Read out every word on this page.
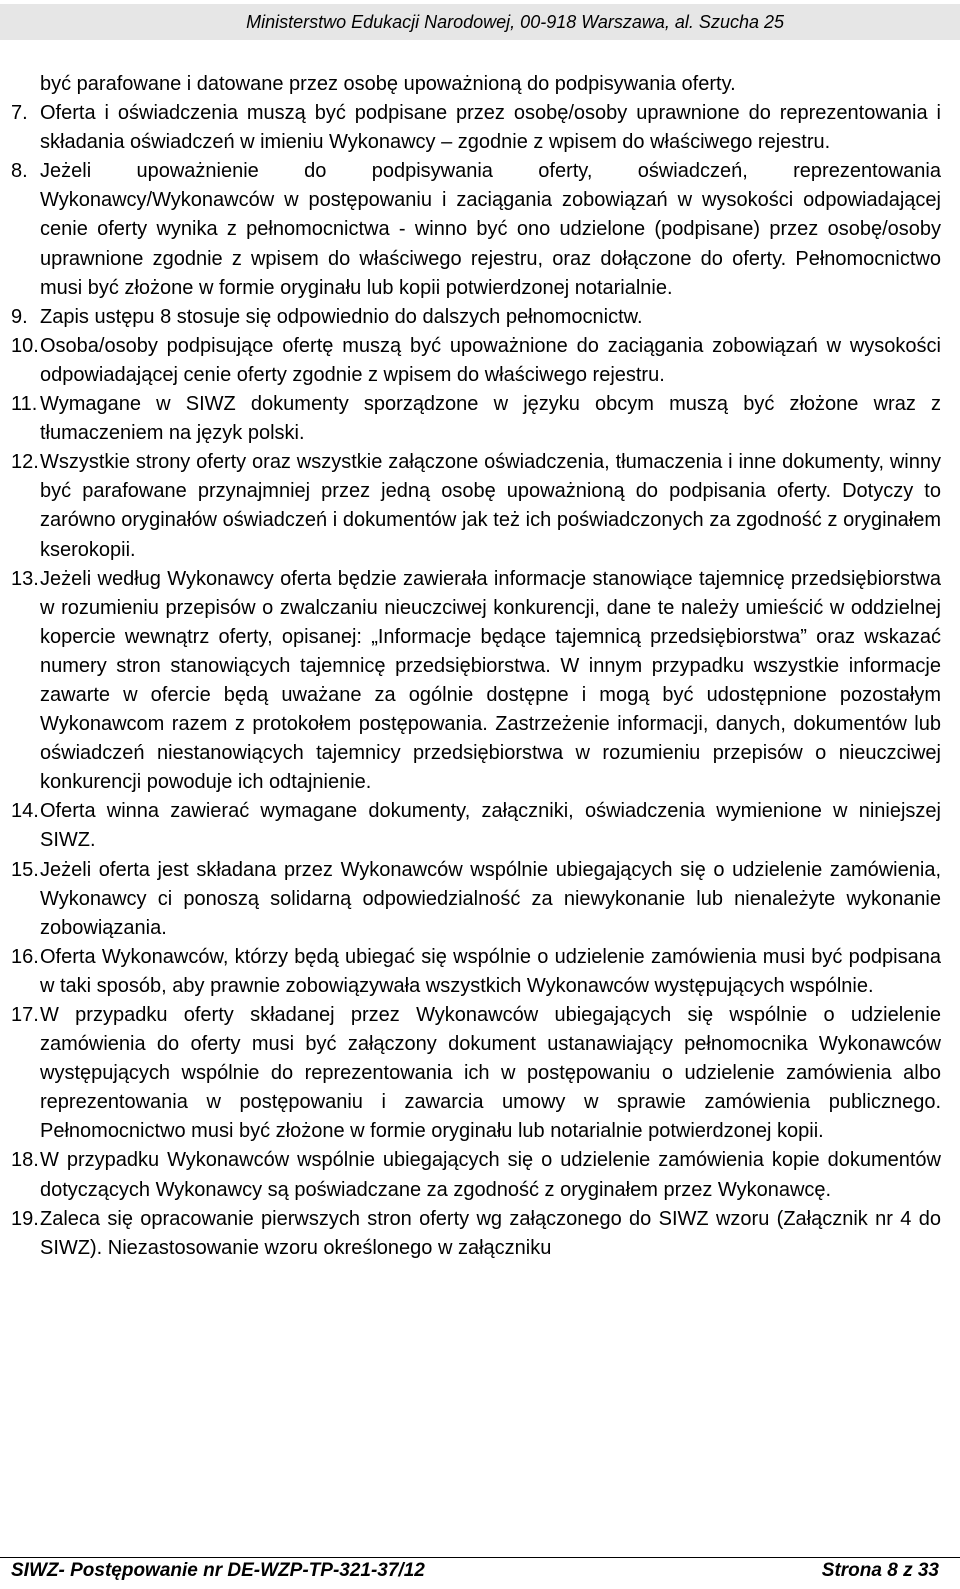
Ministerstwo Edukacji Narodowej, 00-918 Warszawa, al. Szucha 25

być parafowane i datowane przez osobę upoważnioną do podpisywania oferty.

7. Oferta i oświadczenia muszą być podpisane przez osobę/osoby uprawnione do reprezentowania i składania oświadczeń w imieniu Wykonawcy – zgodnie z wpisem do właściwego rejestru.
8. Jeżeli upoważnienie do podpisywania oferty, oświadczeń, reprezentowania Wykonawcy/Wykonawców w postępowaniu i zaciągania zobowiązań w wysokości odpowiadającej cenie oferty wynika z pełnomocnictwa - winno być ono udzielone (podpisane) przez osobę/osoby uprawnione zgodnie z wpisem do właściwego rejestru, oraz dołączone do oferty. Pełnomocnictwo musi być złożone w formie oryginału lub kopii potwierdzonej notarialnie.
9. Zapis ustępu 8 stosuje się odpowiednio do dalszych pełnomocnictw.
10. Osoba/osoby podpisujące ofertę muszą być upoważnione do zaciągania zobowiązań w wysokości odpowiadającej cenie oferty zgodnie z wpisem do właściwego rejestru.
11. Wymagane w SIWZ dokumenty sporządzone w języku obcym muszą być złożone wraz z tłumaczeniem na język polski.
12. Wszystkie strony oferty oraz wszystkie załączone oświadczenia, tłumaczenia i inne dokumenty, winny być parafowane przynajmniej przez jedną osobę upoważnioną do podpisania oferty. Dotyczy to zarówno oryginałów oświadczeń i dokumentów jak też ich poświadczonych za zgodność z oryginałem kserokopii.
13. Jeżeli według Wykonawcy oferta będzie zawierała informacje stanowiące tajemnicę przedsiębiorstwa w rozumieniu przepisów o zwalczaniu nieuczciwej konkurencji, dane te należy umieścić w oddzielnej kopercie wewnątrz oferty, opisanej: „Informacje będące tajemnicą przedsiębiorstwa” oraz wskazać numery stron stanowiących tajemnicę przedsiębiorstwa. W innym przypadku wszystkie informacje zawarte w ofercie będą uważane za ogólnie dostępne i mogą być udostępnione pozostałym Wykonawcom razem z protokołem postępowania. Zastrzeżenie informacji, danych, dokumentów lub oświadczeń niestanowiących tajemnicy przedsiębiorstwa w rozumieniu przepisów o nieuczciwej konkurencji powoduje ich odtajnienie.
14. Oferta winna zawierać wymagane dokumenty, załączniki, oświadczenia wymienione w niniejszej SIWZ.
15. Jeżeli oferta jest składana przez Wykonawców wspólnie ubiegających się o udzielenie zamówienia, Wykonawcy ci ponoszą solidarną odpowiedzialność za niewykonanie lub nienależyte wykonanie zobowiązania.
16. Oferta Wykonawców, którzy będą ubiegać się wspólnie o udzielenie zamówienia musi być podpisana w taki sposób, aby prawnie zobowiązywała wszystkich Wykonawców występujących wspólnie.
17. W przypadku oferty składanej przez Wykonawców ubiegających się wspólnie o udzielenie zamówienia do oferty musi być załączony dokument ustanawiający pełnomocnika Wykonawców występujących wspólnie do reprezentowania ich w postępowaniu o udzielenie zamówienia albo reprezentowania w postępowaniu i zawarcia umowy w sprawie zamówienia publicznego. Pełnomocnictwo musi być złożone w formie oryginału lub notarialnie potwierdzonej kopii.
18. W przypadku Wykonawców wspólnie ubiegających się o udzielenie zamówienia kopie dokumentów dotyczących Wykonawcy są poświadczane za zgodność z oryginałem przez Wykonawcę.
19. Zaleca się opracowanie pierwszych stron oferty wg załączonego do SIWZ wzoru (Załącznik nr 4 do SIWZ). Niezastosowanie wzoru określonego w załączniku
SIWZ- Postępowanie nr DE-WZP-TP-321-37/12	Strona 8 z 33
